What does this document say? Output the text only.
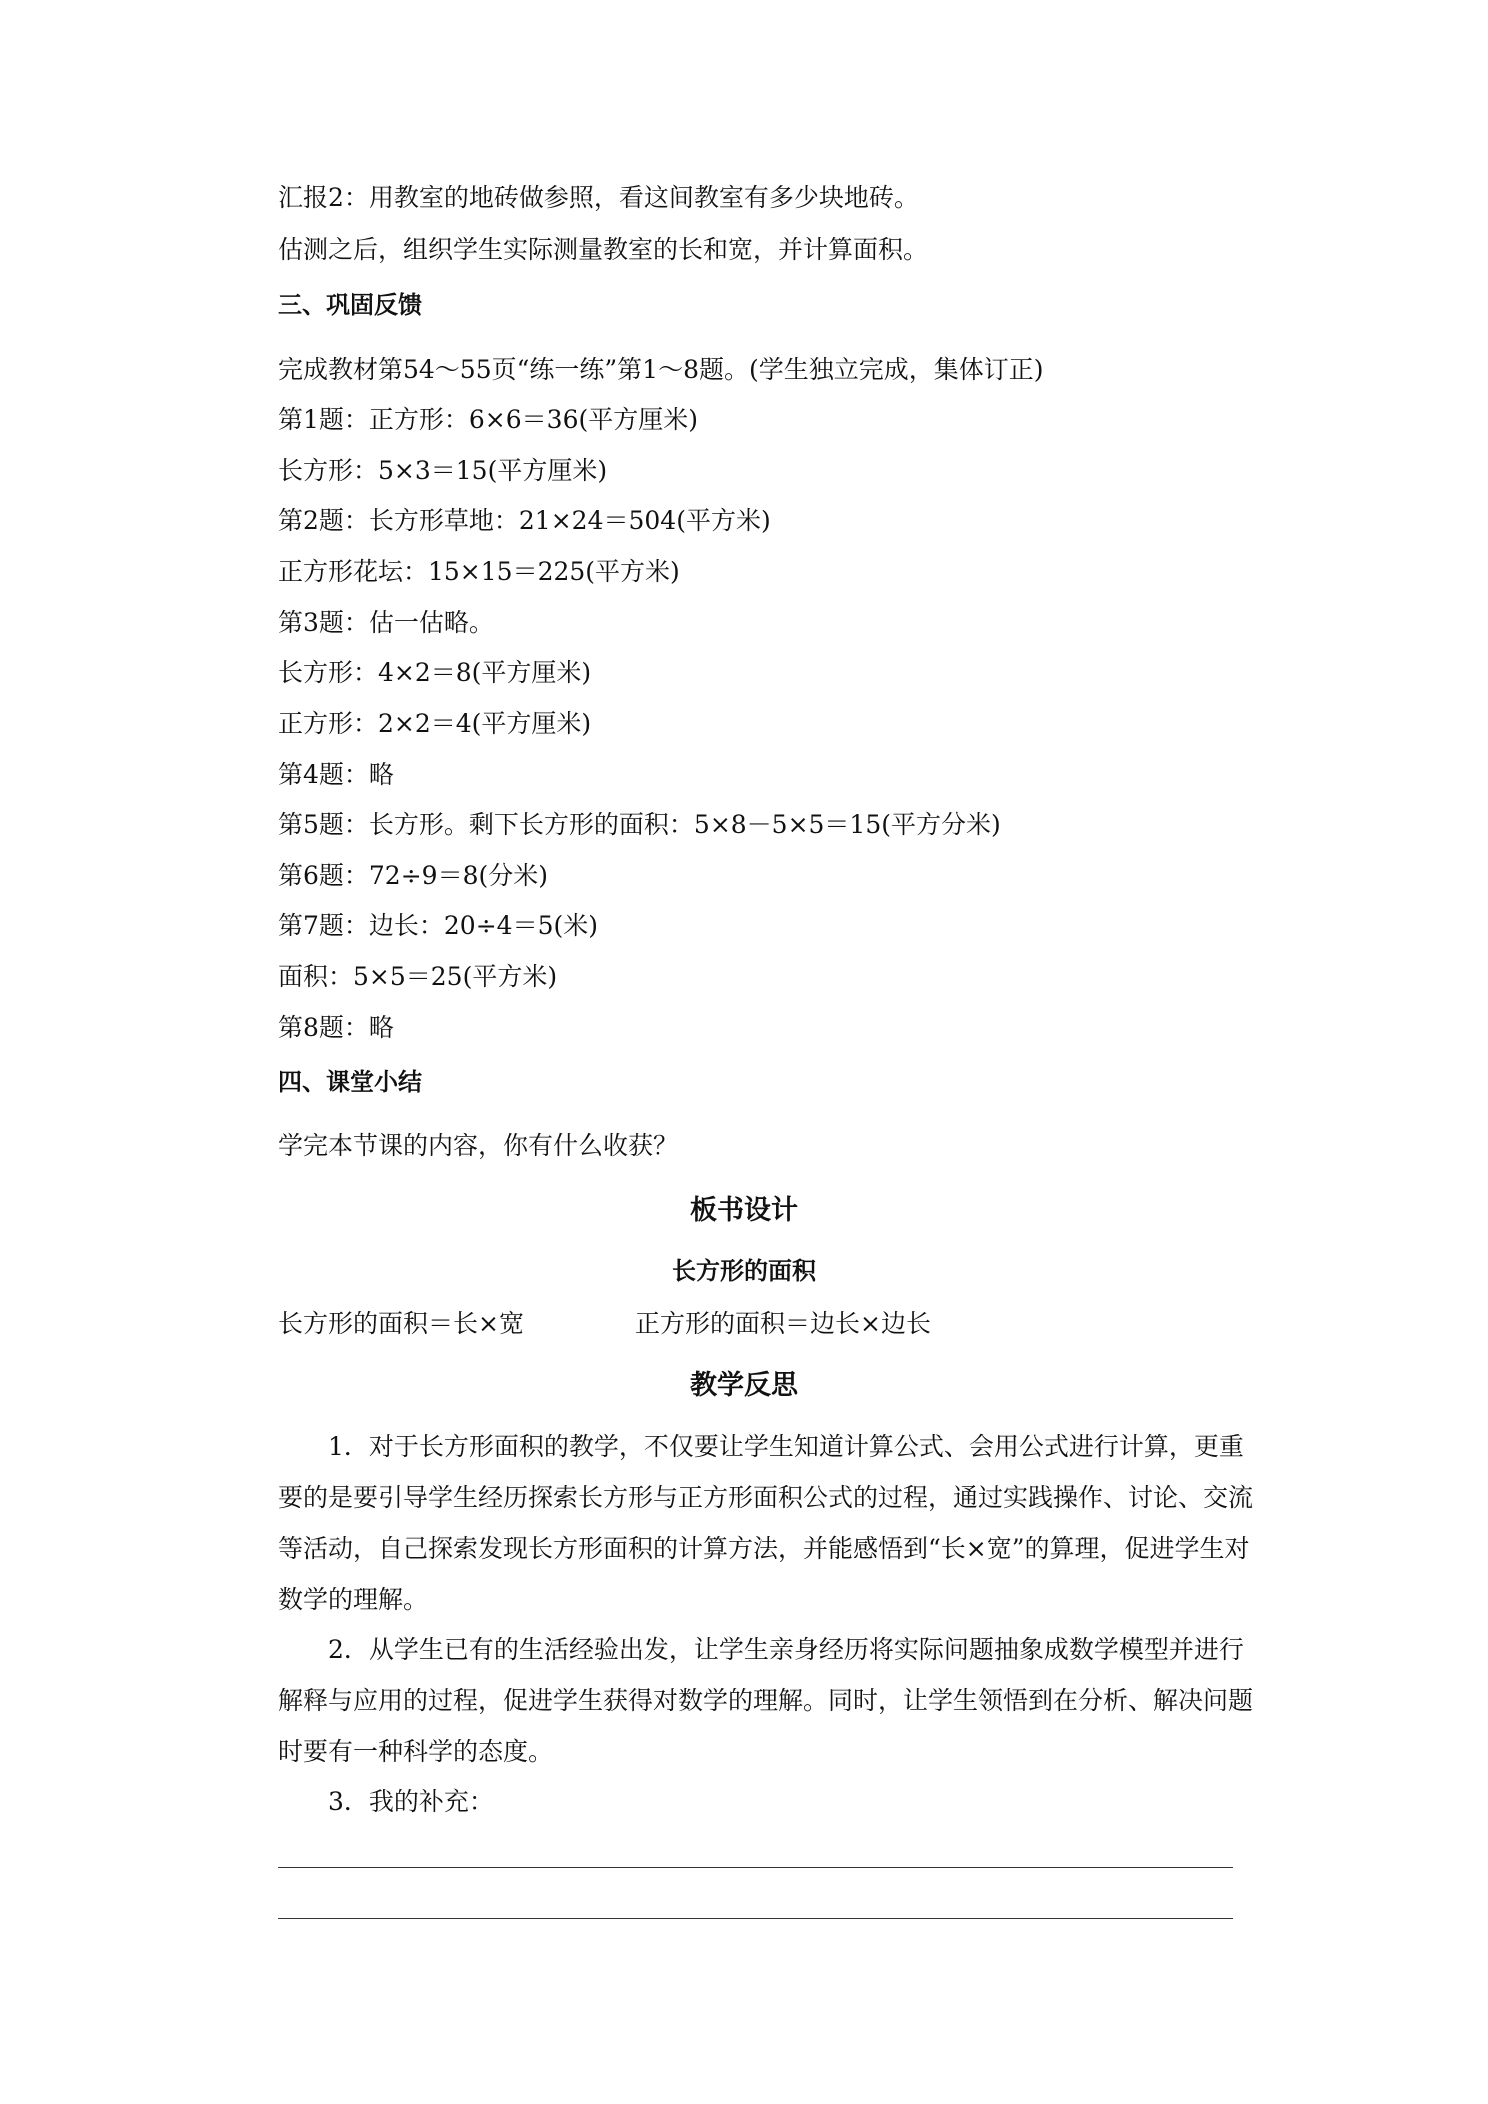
汇报2：用教室的地砖做参照，看这间教室有多少块地砖。
估测之后，组织学生实际测量教室的长和宽，并计算面积。
三、巩固反馈
完成教材第54～55页“练一练”第1～8题。(学生独立完成，集体订正)
第1题：正方形：6×6＝36(平方厘米)
长方形：5×3＝15(平方厘米)
第2题：长方形草地：21×24＝504(平方米)
正方形花坛：15×15＝225(平方米)
第3题：估一估略。
长方形：4×2＝8(平方厘米)
正方形：2×2＝4(平方厘米)
第4题：略
第5题：长方形。剩下长方形的面积：5×8－5×5＝15(平方分米)
第6题：72÷9＝8(分米)
第7题：边长：20÷4＝5(米)
面积：5×5＝25(平方米)
第8题：略
四、课堂小结
学完本节课的内容，你有什么收获？
板书设计
长方形的面积
长方形的面积＝长×宽	正方形的面积＝边长×边长
教学反思
1．对于长方形面积的教学，不仅要让学生知道计算公式、会用公式进行计算，更重要的是要引导学生经历探索长方形与正方形面积公式的过程，通过实践操作、讨论、交流等活动，自己探索发现长方形面积的计算方法，并能感悟到“长×宽”的算理，促进学生对数学的理解。
2．从学生已有的生活经验出发，让学生亲身经历将实际问题抽象成数学模型并进行解释与应用的过程，促进学生获得对数学的理解。同时，让学生领悟到在分析、解决问题时要有一种科学的态度。
3．我的补充：
